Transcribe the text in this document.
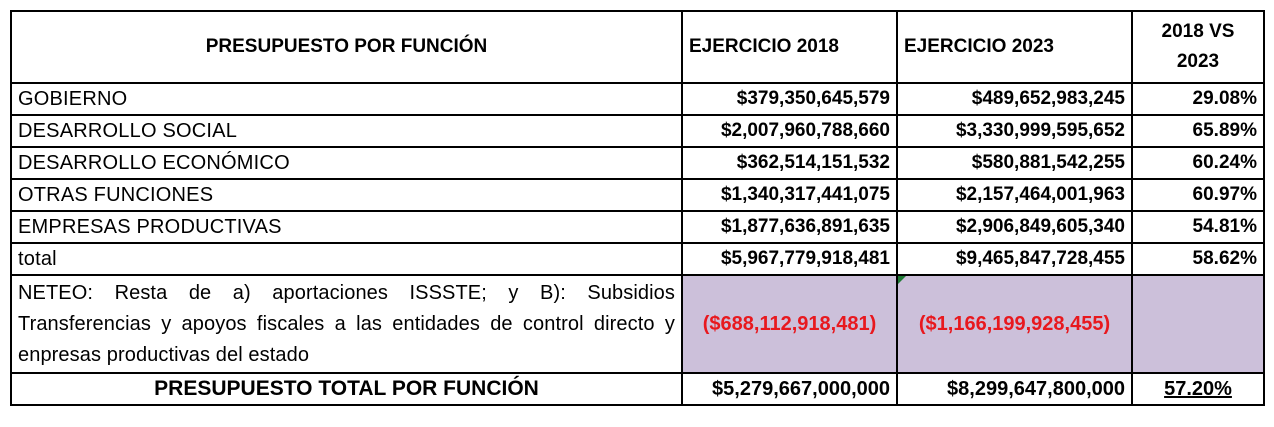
PRESUPUESTO POR FUNCIÓN	EJERCICIO 2018	EJERCICIO 2023	2018 VS 2023
GOBIERNO	$379,350,645,579	$489,652,983,245	29.08%
DESARROLLO SOCIAL	$2,007,960,788,660	$3,330,999,595,652	65.89%
DESARROLLO ECONÓMICO	$362,514,151,532	$580,881,542,255	60.24%
OTRAS FUNCIONES	$1,340,317,441,075	$2,157,464,001,963	60.97%
EMPRESAS PRODUCTIVAS	$1,877,636,891,635	$2,906,849,605,340	54.81%
total	$5,967,779,918,481	$9,465,847,728,455	58.62%
NETEO: Resta de a) aportaciones ISSSTE; y B): Subsidios Transferencias y apoyos fiscales a las entidades de control directo y enpresas productivas del estado	($688,112,918,481)	($1,166,199,928,455)	
PRESUPUESTO TOTAL POR FUNCIÓN	$5,279,667,000,000	$8,299,647,800,000	57.20%
